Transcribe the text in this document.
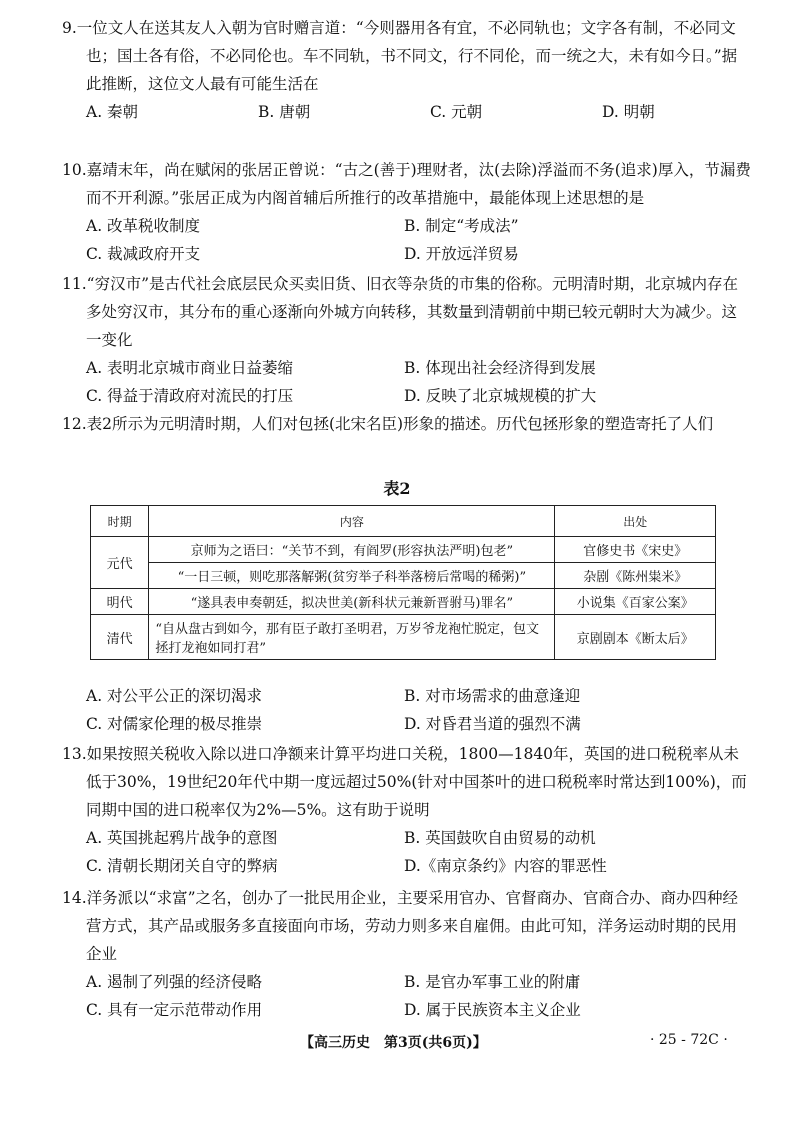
9.一位文人在送其友人入朝为官时赠言道：“今则器用各有宜，不必同轨也；文字各有制，不必同文也；国土各有俗，不必同伦也。车不同轨，书不同文，行不同伦，而一统之大，未有如今日。”据此推断，这位文人最有可能生活在

A. 秦朝	B. 唐朝	C. 元朝	D. 明朝

10.嘉靖末年，尚在赋闲的张居正曾说：“古之(善于)理财者，汰(去除)浮溢而不务(追求)厚入，节漏费而不开利源。”张居正成为内阁首辅后所推行的改革措施中，最能体现上述思想的是

A. 改革税收制度	B. 制定“考成法”
C. 裁减政府开支	D. 开放远洋贸易

11.“穷汉市”是古代社会底层民众买卖旧货、旧衣等杂货的市集的俗称。元明清时期，北京城内存在多处穷汉市，其分布的重心逐渐向外城方向转移，其数量到清朝前中期已较元朝时大为减少。这一变化

A. 表明北京城市商业日益萎缩	B. 体现出社会经济得到发展
C. 得益于清政府对流民的打压	D. 反映了北京城规模的扩大

12.表2所示为元明清时期，人们对包拯(北宋名臣)形象的描述。历代包拯形象的塑造寄托了人们

表2
时期	内容	出处
元代	京师为之语曰：“关节不到，有阎罗(形容执法严明)包老”	官修史书《宋史》
	“一日三顿，则吃那落解粥(贫穷举子科举落榜后常喝的稀粥)”	杂剧《陈州粜米》
明代	“遂具表申奏朝廷，拟决世美(新科状元兼新晋驸马)罪名”	小说集《百家公案》
清代	“自从盘古到如今，那有臣子敢打圣明君，万岁爷龙袍忙脱定，包文拯打龙袍如同打君”	京剧剧本《断太后》
A. 对公平公正的深切渴求	B. 对市场需求的曲意逢迎
C. 对儒家伦理的极尽推崇	D. 对昏君当道的强烈不满

13.如果按照关税收入除以进口净额来计算平均进口关税，1800—1840年，英国的进口税税率从未低于30%，19世纪20年代中期一度远超过50%(针对中国茶叶的进口税税率时常达到100%)，而同期中国的进口税率仅为2%—5%。这有助于说明

A. 英国挑起鸦片战争的意图	B. 英国鼓吹自由贸易的动机
C. 清朝长期闭关自守的弊病	D.《南京条约》内容的罪恶性

14.洋务派以“求富”之名，创办了一批民用企业，主要采用官办、官督商办、官商合办、商办四种经营方式，其产品或服务多直接面向市场，劳动力则多来自雇佣。由此可知，洋务运动时期的民用企业

A. 遏制了列强的经济侵略	B. 是官办军事工业的附庸
C. 具有一定示范带动作用	D. 属于民族资本主义企业
【高三历史　第3页(共6页)】	· 25 - 72C ·
